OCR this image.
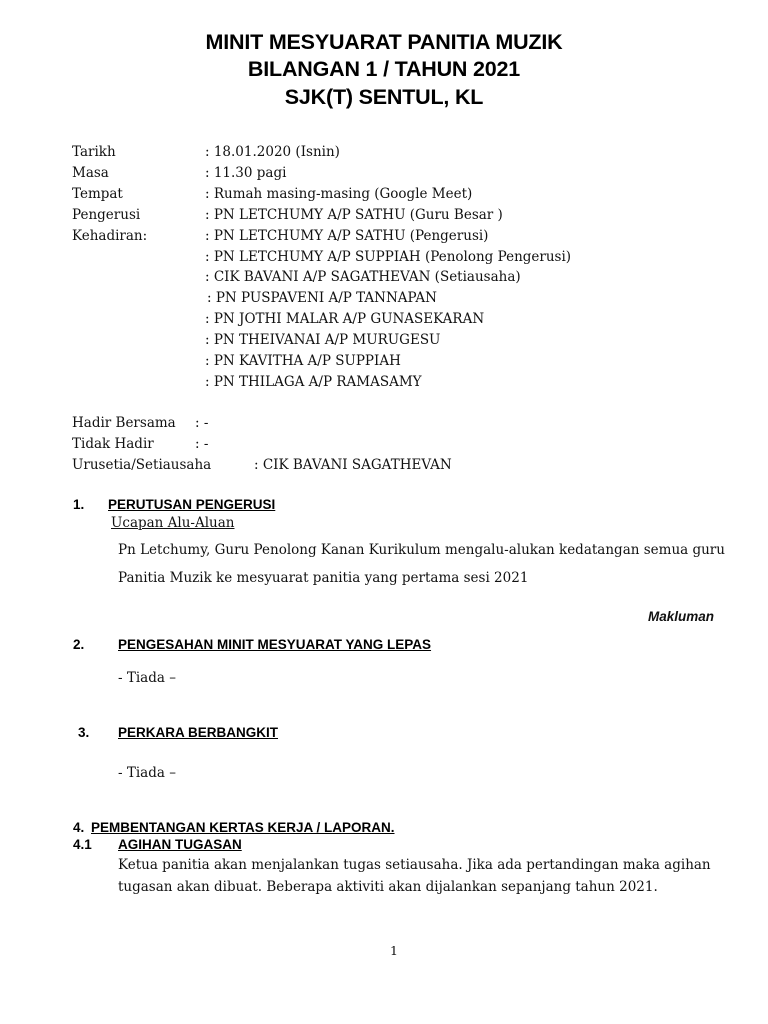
MINIT MESYUARAT PANITIA MUZIK
BILANGAN 1 / TAHUN 2021
SJK(T) SENTUL, KL
Tarikh	: 18.01.2020 (Isnin)
Masa	: 11.30 pagi
Tempat	: Rumah masing-masing (Google Meet)
Pengerusi	: PN LETCHUMY A/P SATHU (Guru Besar )
Kehadiran:	: PN LETCHUMY A/P SATHU (Pengerusi)
: PN LETCHUMY A/P SUPPIAH (Penolong Pengerusi)
: CIK BAVANI A/P SAGATHEVAN (Setiausaha)
: PN PUSPAVENI A/P TANNAPAN
: PN JOTHI MALAR A/P GUNASEKARAN
: PN THEIVANAI A/P MURUGESU
: PN KAVITHA A/P SUPPIAH
: PN THILAGA A/P RAMASAMY
Hadir Bersama : -
Tidak Hadir	: -
Urusetia/Setiausaha	: CIK BAVANI SAGATHEVAN
1. PERUTUSAN PENGERUSI
Ucapan Alu-Aluan
Pn Letchumy, Guru Penolong Kanan Kurikulum mengalu-alukan kedatangan semua guru
Panitia Muzik ke mesyuarat panitia yang pertama sesi 2021
Makluman
2. PENGESAHAN MINIT MESYUARAT YANG LEPAS
- Tiada –
3. PERKARA BERBANGKIT
- Tiada –
4. PEMBENTANGAN KERTAS KERJA / LAPORAN.
4.1 AGIHAN TUGASAN
Ketua panitia akan menjalankan tugas setiausaha. Jika ada pertandingan maka agihan
tugasan akan dibuat. Beberapa aktiviti akan dijalankan sepanjang tahun 2021.
1
